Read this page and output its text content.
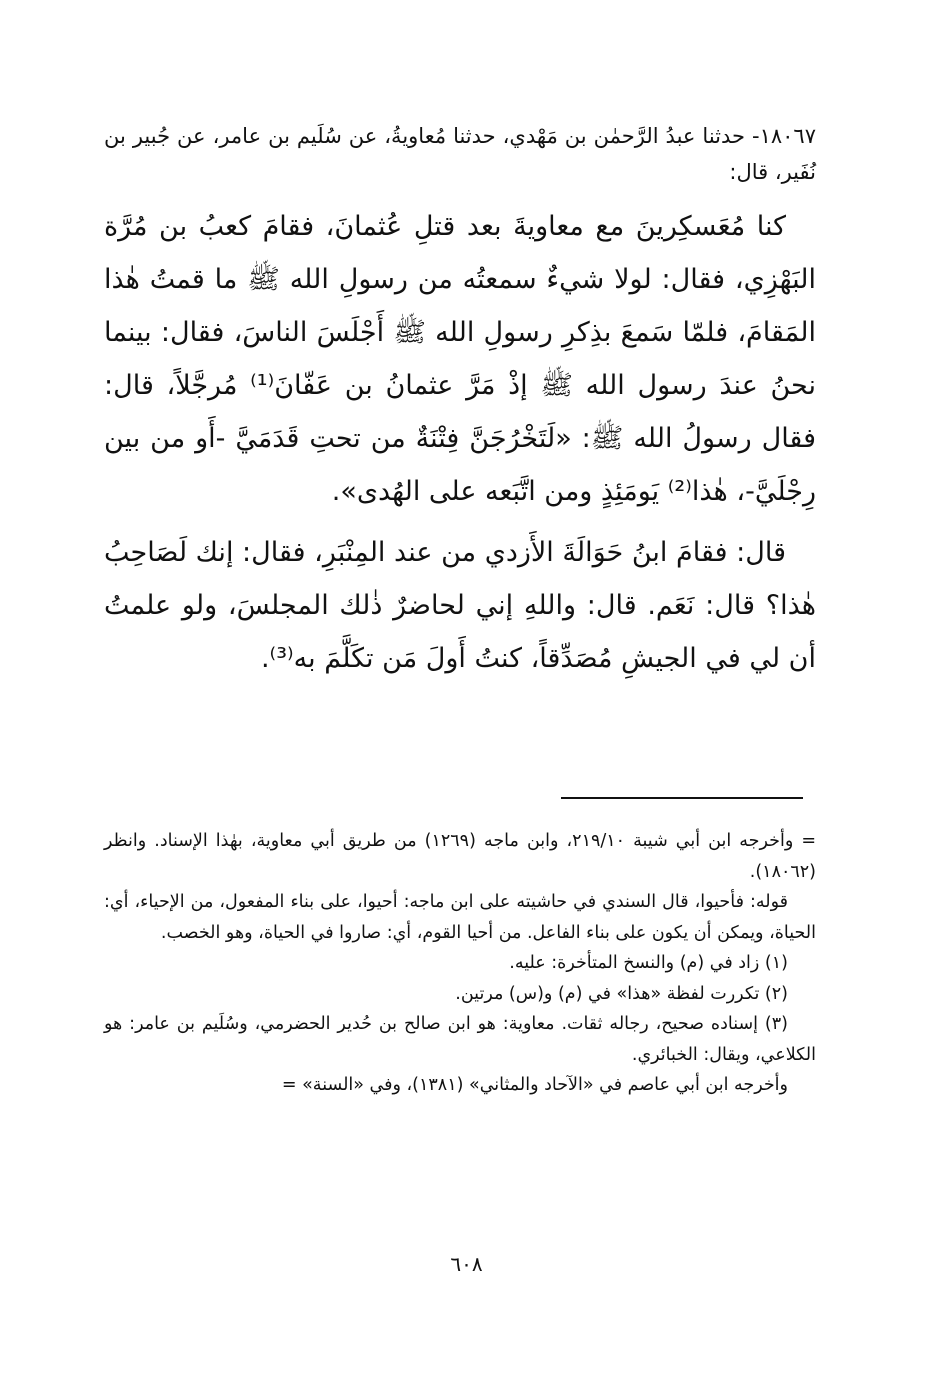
١٨٠٦٧- حدثنا عبدُ الرَّحمٰن بن مَهْدي، حدثنا مُعاويةُ، عن سُلَيم بن عامر، عن جُبير بن نُفَير، قال:

كنا مُعَسكِرينَ مع معاويةَ بعد قتلِ عُثمانَ، فقامَ كعبُ بن مُرَّة البَهْزِي، فقال: لولا شيءٌ سمعتُه من رسولِ الله ﷺ ما قمتُ هٰذا المَقامَ، فلمّا سَمعَ بذِكرِ رسولِ الله ﷺ أَجْلَسَ الناسَ، فقال: بينما نحنُ عندَ رسول الله ﷺ إذْ مَرَّ عثمانُ بن عَفّانَ⁽¹⁾ مُرجَّلاً، قال: فقال رسولُ الله ﷺ: «لَتَخْرُجَنَّ فِتْنَةٌ من تحتِ قَدَمَيَّ -أَو من بين رِجْلَيَّ-، هٰذا⁽²⁾ يَومَئِذٍ ومن اتَّبَعه على الهُدى».

قال: فقامَ ابنُ حَوَالَةَ الأَزدي من عند المِنْبَرِ، فقال: إنك لَصَاحِبُ هٰذا؟ قال: نَعَم. قال: واللهِ إني لحاضرٌ ذٰلك المجلسَ، ولو علمتُ أن لي في الجيشِ مُصَدِّقاً، كنتُ أَولَ مَن تكَلَّمَ به⁽³⁾.

= وأخرجه ابن أبي شيبة ٢١٩/١٠، وابن ماجه (١٢٦٩) من طريق أبي معاوية، بهٰذا الإسناد. وانظر (١٨٠٦٢).

قوله: فأحيوا، قال السندي في حاشيته على ابن ماجه: أحيوا، على بناء المفعول، من الإحياء، أي: الحياة، ويمكن أن يكون على بناء الفاعل. من أحيا القوم، أي: صاروا في الحياة، وهو الخصب.

(١) زاد في (م) والنسخ المتأخرة: عليه.

(٢) تكررت لفظة «هذا» في (م) و(س) مرتين.

(٣) إسناده صحيح، رجاله ثقات. معاوية: هو ابن صالح بن حُدير الحضرمي، وسُلَيم بن عامر: هو الكلاعي، ويقال: الخبائري.

وأخرجه ابن أبي عاصم في «الآحاد والمثاني» (١٣٨١)، وفي «السنة» =

٦٠٨
